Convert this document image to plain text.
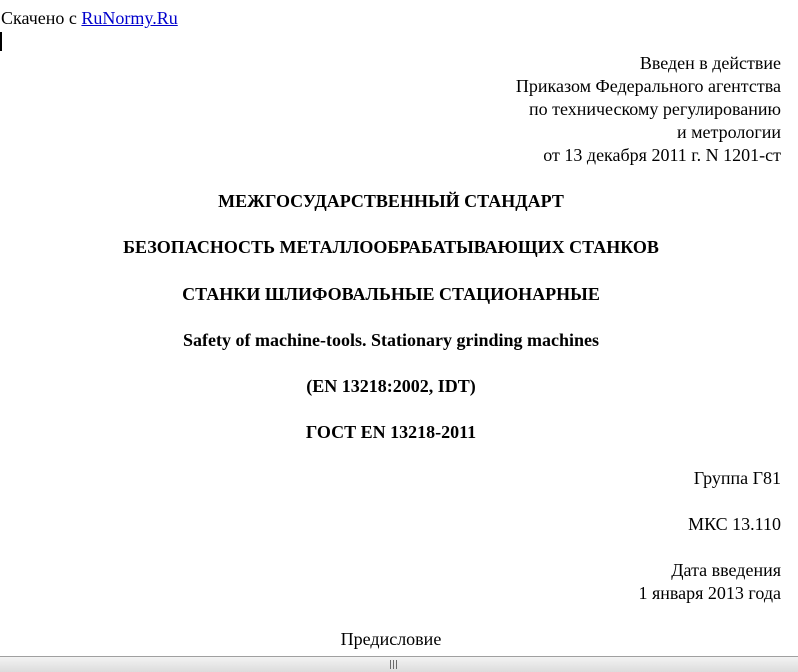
Скачено с RuNormy.Ru
Введен в действие
Приказом Федерального агентства
по техническому регулированию
и метрологии
от 13 декабря 2011 г. N 1201-ст
МЕЖГОСУДАРСТВЕННЫЙ СТАНДАРТ
БЕЗОПАСНОСТЬ МЕТАЛЛООБРАБАТЫВАЮЩИХ СТАНКОВ
СТАНКИ ШЛИФОВАЛЬНЫЕ СТАЦИОНАРНЫЕ
Safety of machine-tools. Stationary grinding machines
(EN 13218:2002, IDT)
ГОСТ EN 13218-2011
Группа Г81
МКС 13.110
Дата введения
1 января 2013 года
Предисловие
